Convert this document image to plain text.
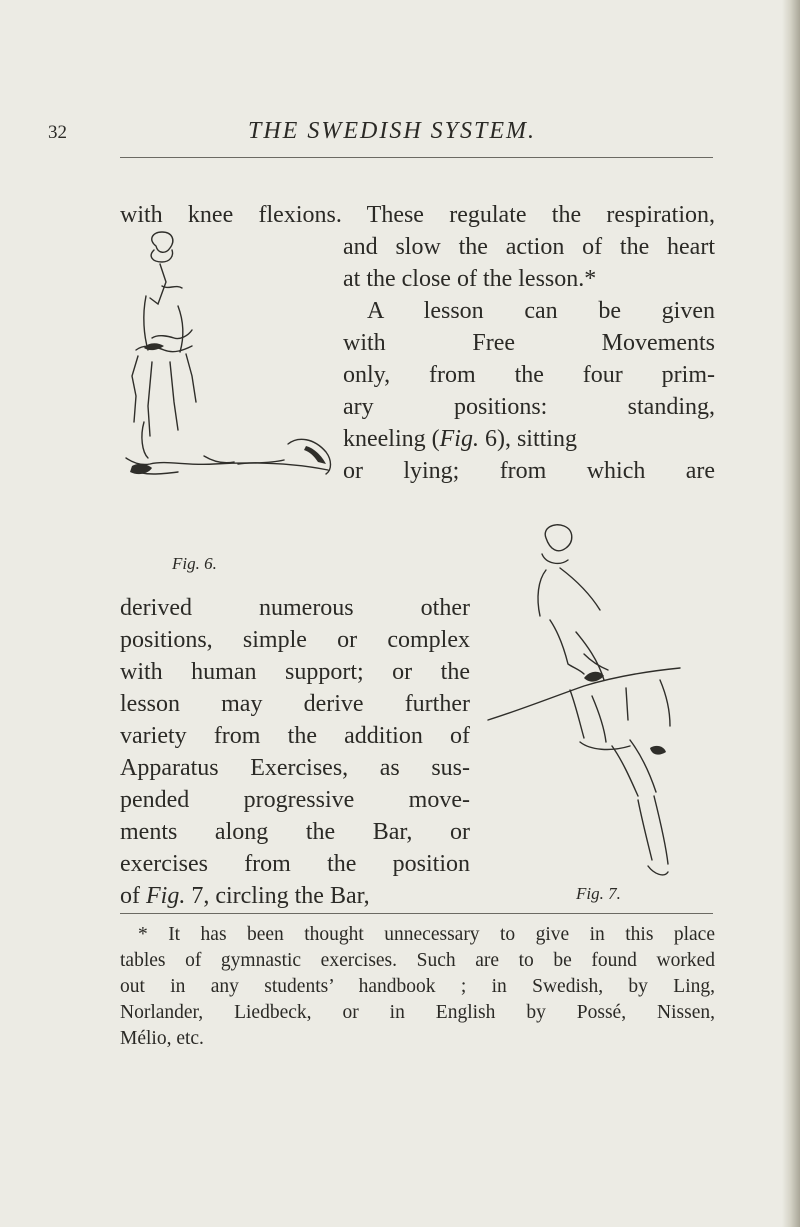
32	THE SWEDISH SYSTEM.
with knee flexions. These regulate the respiration,
and slow the action of the heart
at the close of the lesson.*
A lesson can be given
with Free Movements
only, from the four prim-
ary positions: standing,
kneeling (Fig. 6), sitting
or lying; from which are
derived numerous other
positions, simple or complex
with human support; or the
lesson may derive further
variety from the addition of
Apparatus Exercises, as sus-
pended progressive move-
ments along the Bar, or
exercises from the position
of Fig. 7, circling the Bar,
Fig. 6.
Fig. 7.
* It has been thought unnecessary to give in this place
tables of gymnastic exercises. Such are to be found worked
out in any students’ handbook ; in Swedish, by Ling,
Norlander, Liedbeck, or in English by Possé, Nissen,
Mélio, etc.
